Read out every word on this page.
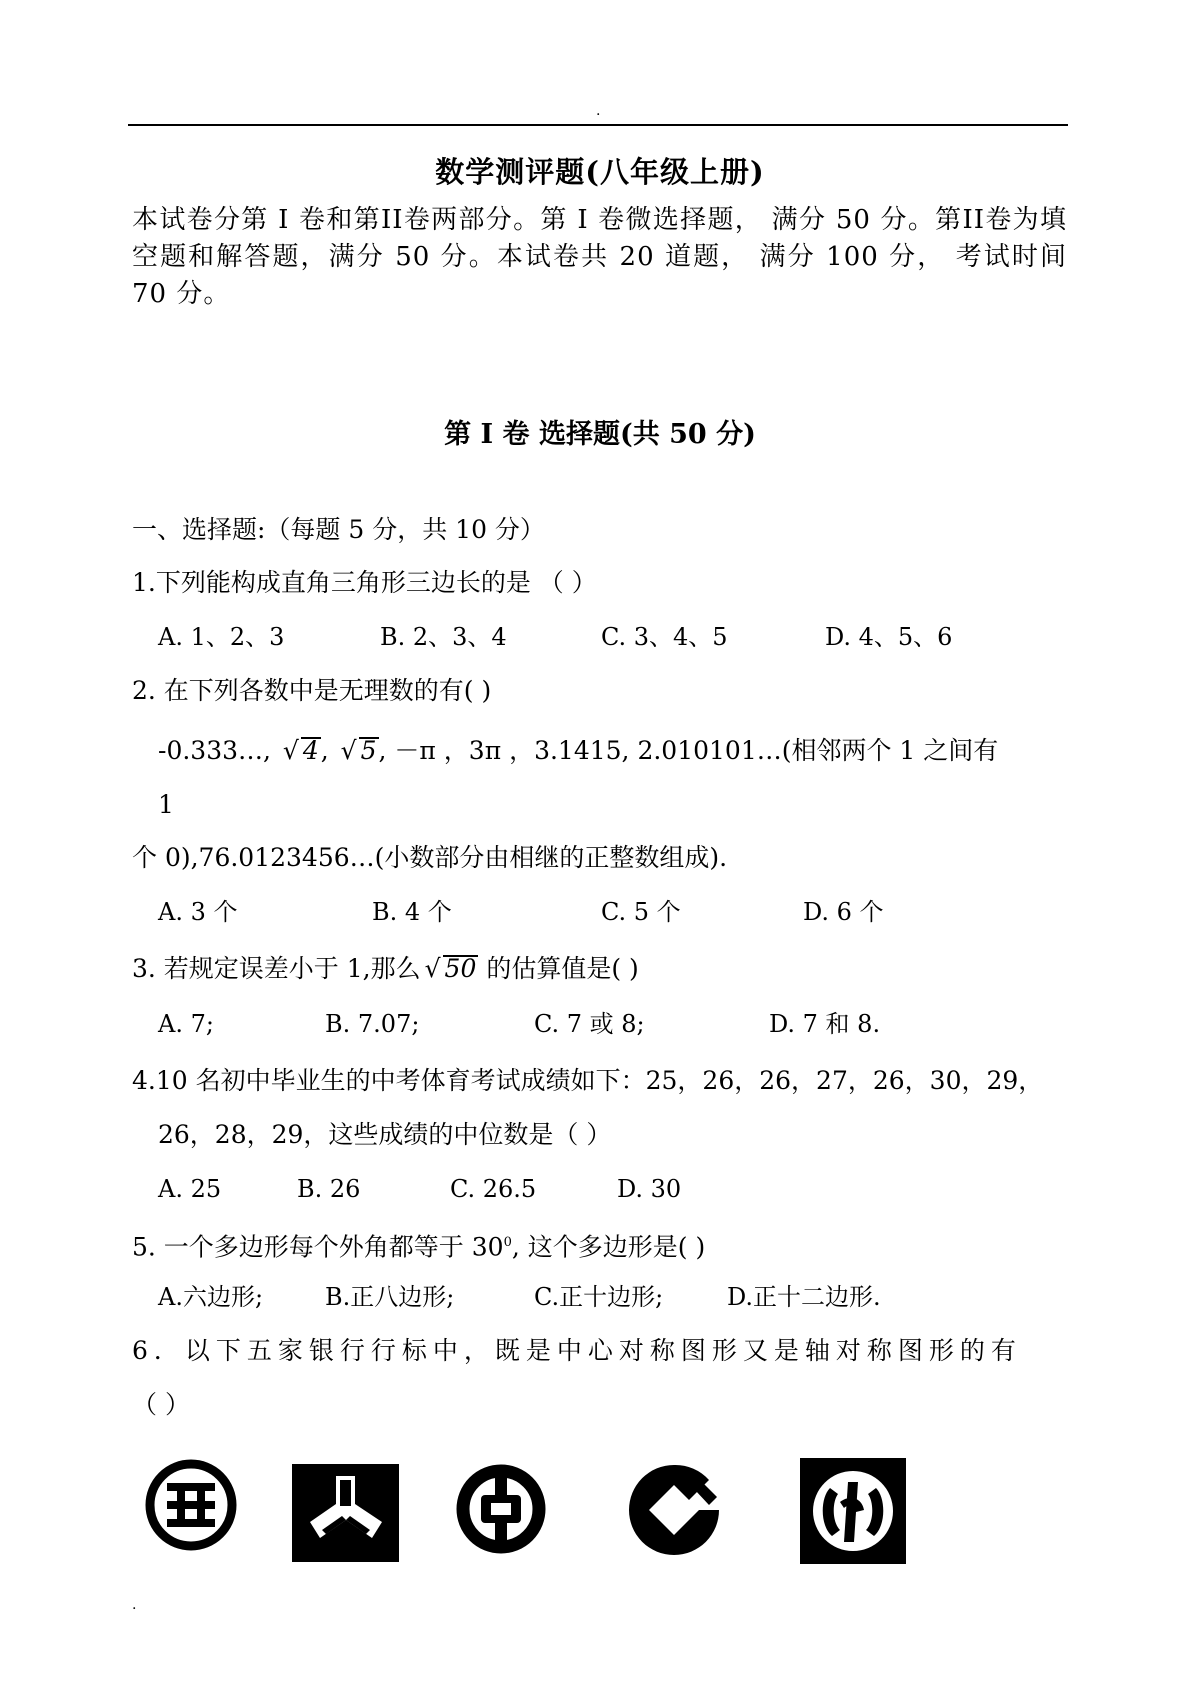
.
数学测评题(八年级上册)
本试卷分第 I 卷和第II卷两部分。第 I 卷微选择题， 满分 50 分。第II卷为填空题和解答题，满分 50 分。本试卷共 20 道题， 满分 100 分， 考试时间 70 分。
第 I 卷 选择题(共 50 分)
一、选择题:（每题 5 分，共 10 分）
1.下列能构成直角三角形三边长的是 （ ）
A. 1、2、3	B. 2、3、4	C. 3、4、5	D. 4、5、6
2. 在下列各数中是无理数的有( )
-0.333…, √ 4, √ 5, －π ，3π ，3.1415, 2.010101…(相邻两个 1 之间有
1
个 0),76.0123456…(小数部分由相继的正整数组成).
A. 3 个	B. 4 个	C. 5 个	D. 6 个
3. 若规定误差小于 1,那么 √ 50 的估算值是( )
A. 7;	B. 7.07;	C. 7 或 8;	D. 7 和 8.
4.10 名初中毕业生的中考体育考试成绩如下：25，26，26，27，26，30，29，
26，28，29，这些成绩的中位数是（ ）
A. 25	B. 26	C. 26.5	D. 30
5. 一个多边形每个外角都等于 $30^0$, 这个多边形是( )
A.六边形;	B.正八边形;	C.正十边形;	D.正十二边形.
6．以下五家银行行标中，既是中心对称图形又是轴对称图形的有
（ ）
.
